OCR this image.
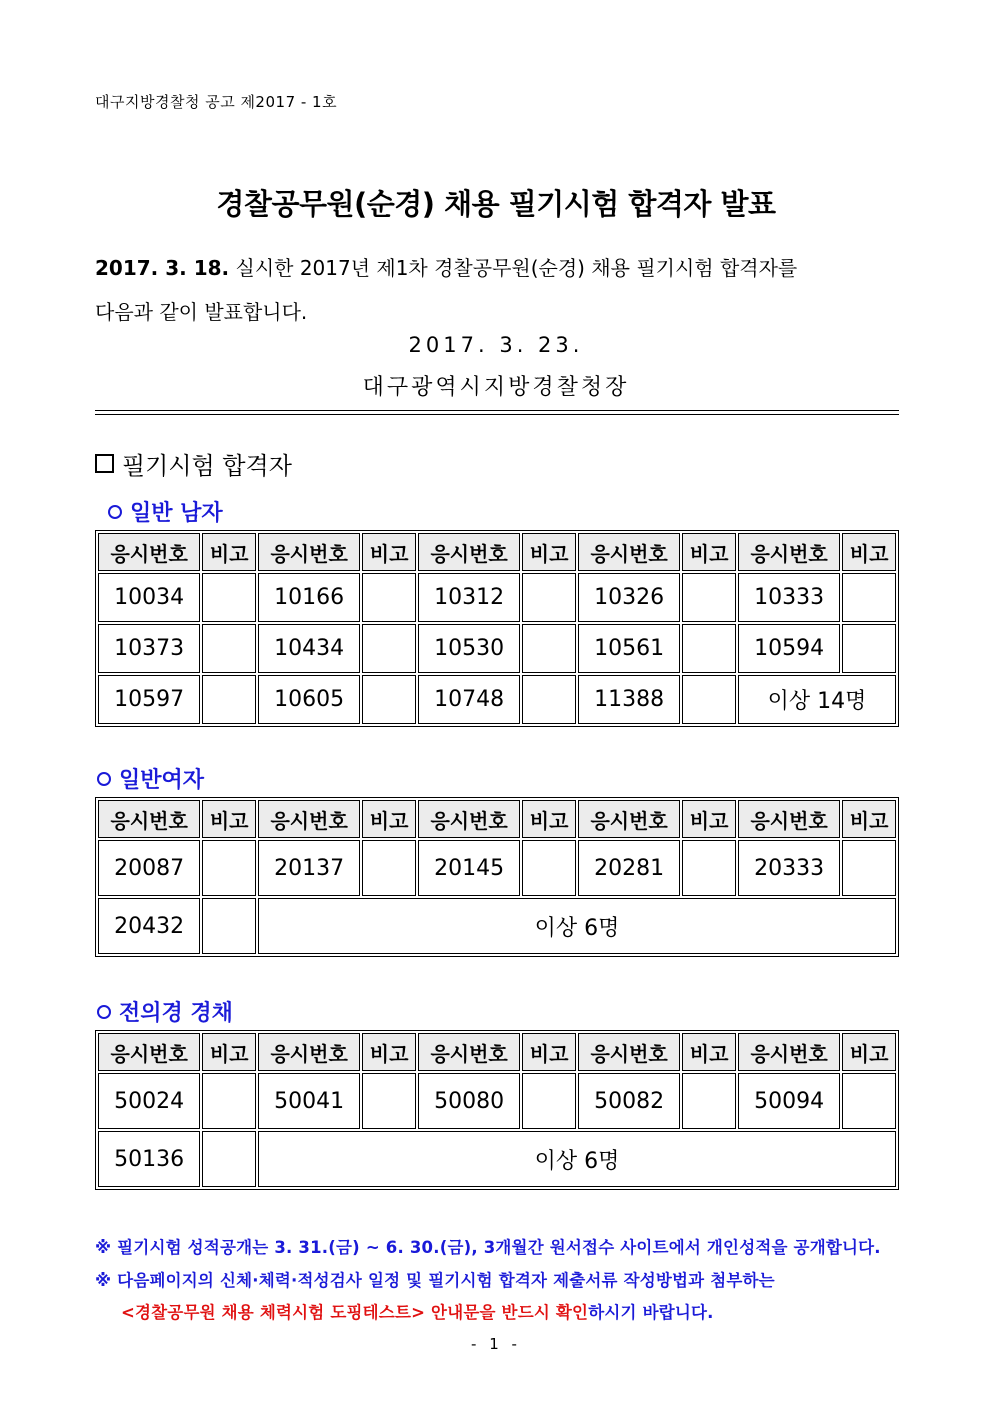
대구지방경찰청 공고 제2017 - 1호
경찰공무원(순경) 채용 필기시험 합격자 발표
2017. 3. 18. 실시한 2017년 제1차 경찰공무원(순경) 채용 필기시험 합격자를
다음과 같이 발표합니다.
2017. 3. 23.
대구광역시지방경찰청장
필기시험 합격자
일반 남자
응시번호	비고	응시번호	비고	응시번호	비고	응시번호	비고	응시번호	비고
10034		10166		10312		10326		10333	
10373		10434		10530		10561		10594	
10597		10605		10748		11388		이상 14명	
일반여자
응시번호	비고	응시번호	비고	응시번호	비고	응시번호	비고	응시번호	비고
20087		20137		20145		20281		20333	
20432		이상 6명							
전의경 경채
응시번호	비고	응시번호	비고	응시번호	비고	응시번호	비고	응시번호	비고
50024		50041		50080		50082		50094	
50136		이상 6명							
※ 필기시험 성적공개는 3. 31.(금) ~ 6. 30.(금), 3개월간 원서접수 사이트에서 개인성적을 공개합니다.
※ 다음페이지의 신체·체력·적성검사 일정 및 필기시험 합격자 제출서류 작성방법과 첨부하는
<경찰공무원 채용 체력시험 도핑테스트> 안내문을 반드시 확인하시기 바랍니다.
- 1 -
